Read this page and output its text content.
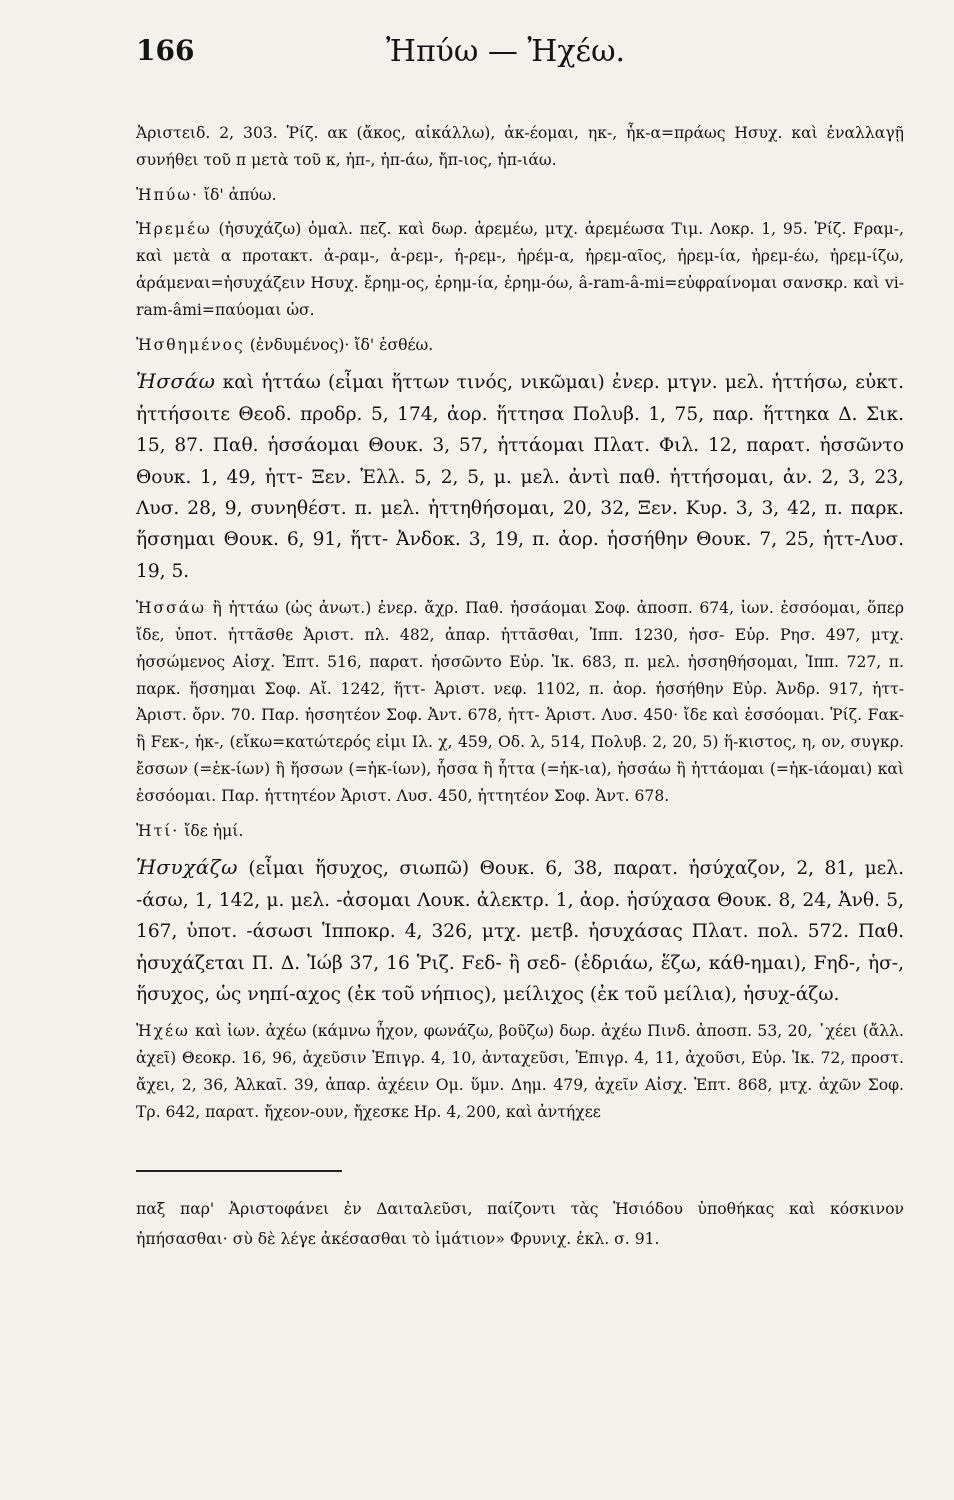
166	Ἠπύω — Ἠχέω.

Ἀριστειδ. 2, 303. Ῥίζ. ακ (ἄκος, αἰκάλλω), ἀκ-έομαι, ηκ-, ἧκ-α=πράως Ησυχ. καὶ ἐναλλαγῇ συνήθει τοῦ π μετὰ τοῦ κ, ἠπ-, ἠπ-άω, ἤπ-ιος, ἠπ-ιάω.

Ἠπύω· ἴδ' ἀπύω.

Ἠρεμέω (ἡσυχάζω) ὁμαλ. πεζ. καὶ δωρ. ἀρεμέω, μτχ. ἀρεμέωσα Τιμ. Λοκρ. 1, 95. Ῥίζ. Fραμ-, καὶ μετὰ α προτακτ. ἀ-ραμ-, ἀ-ρεμ-, ἠ-ρεμ-, ἠρέμ-α, ἠρεμ-αῖος, ἠρεμ-ία, ἠρεμ-έω, ἠρεμ-ίζω, ἀράμεναι=ἡσυχάζειν Ησυχ. ἔρημ-ος, ἐρημ-ία, ἐρημ-όω, â-ram-â-mi=εὐφραίνομαι σανσκρ. καὶ vi-ram-âmi=παύομαι ὡσ.

Ἠσθημένος (ἐνδυμένος)· ἴδ' ἐσθέω.

Ἡσσάω καὶ ἡττάω (εἶμαι ἥττων τινός, νικῶμαι) ἐνερ. μτγν. μελ. ἡττήσω, εὐκτ. ἡττήσοιτε Θεοδ. προδρ. 5, 174, ἀορ. ἥττησα Πολυβ. 1, 75, παρ. ἥττηκα Δ. Σικ. 15, 87. Παθ. ἡσσάομαι Θουκ. 3, 57, ἡττάομαι Πλατ. Φιλ. 12, παρατ. ἡσσῶντο Θουκ. 1, 49, ἡττ- Ξεν. Ἑλλ. 5, 2, 5, μ. μελ. ἀντὶ παθ. ἡττήσομαι, ἀν. 2, 3, 23, Λυσ. 28, 9, συνηθέστ. π. μελ. ἡττηθήσομαι, 20, 32, Ξεν. Κυρ. 3, 3, 42, π. παρκ. ἥσσημαι Θουκ. 6, 91, ἥττ- Ἀνδοκ. 3, 19, π. ἀορ. ἡσσήθην Θουκ. 7, 25, ἡττ-Λυσ. 19, 5.

Ἡσσάω ἢ ἡττάω (ὡς ἀνωτ.) ἐνερ. ἄχρ. Παθ. ἡσσάομαι Σοφ. ἀποσπ. 674, ἰων. ἑσσόομαι, ὅπερ ἴδε, ὑποτ. ἡττᾶσθε Ἀριστ. πλ. 482, ἀπαρ. ἡττᾶσθαι, Ἱππ. 1230, ἡσσ- Εὐρ. Ρησ. 497, μτχ. ἡσσώμενος Αἰσχ. Ἑπτ. 516, παρατ. ἡσσῶντο Εὐρ. Ἱκ. 683, π. μελ. ἡσσηθήσομαι, Ἱππ. 727, π. παρκ. ἥσσημαι Σοφ. Αἴ. 1242, ἥττ- Ἀριστ. νεφ. 1102, π. ἀορ. ἡσσήθην Εὐρ. Ἀνδρ. 917, ἡττ- Ἀριστ. ὄρν. 70. Παρ. ἡσσητέον Σοφ. Ἀντ. 678, ἡττ- Ἀριστ. Λυσ. 450· ἴδε καὶ ἑσσόομαι. Ῥίζ. Fακ- ἢ Fεκ-, ἡκ-, (εἴκω=κατώτερός εἰμι Ιλ. χ, 459, Οδ. λ, 514, Πολυβ. 2, 20, 5) ἥ-κιστος, η, ον, συγκρ. ἔσσων (=ἑκ-ίων) ἢ ἥσσων (=ἡκ-ίων), ἧσσα ἢ ἧττα (=ἡκ-ια), ἡσσάω ἢ ἡττάομαι (=ἡκ-ιάομαι) καὶ ἑσσόομαι. Παρ. ἡττητέον Ἀριστ. Λυσ. 450, ἡττητέον Σοφ. Ἀντ. 678.

Ἠτί· ἴδε ἠμί.

Ἡσυχάζω (εἶμαι ἥσυχος, σιωπῶ) Θουκ. 6, 38, παρατ. ἡσύχαζον, 2, 81, μελ. -άσω, 1, 142, μ. μελ. -ἀσομαι Λουκ. ἀλεκτρ. 1, ἀορ. ἡσύχασα Θουκ. 8, 24, Ἀνθ. 5, 167, ὑποτ. -άσωσι Ἱπποκρ. 4, 326, μτχ. μετβ. ἡσυχάσας Πλατ. πολ. 572. Παθ. ἡσυχάζεται Π. Δ. Ἰώβ 37, 16 Ῥιζ. Fεδ- ἢ σεδ- (ἑδριάω, ἕζω, κάθ-ημαι), Fηδ-, ἡσ-, ἥσυχος, ὡς νηπί-αχος (ἐκ τοῦ νήπιος), μείλιχος (ἐκ τοῦ μείλια), ἡσυχ-άζω.

Ἠχέω καὶ ἰων. ἀχέω (κάμνω ἦχον, φωνάζω, βοῦζω) δωρ. ἀχέω Πινδ. ἀποσπ. 53, 20, ᾽χέει (ἄλλ. ἀχεῖ) Θεοκρ. 16, 96, ἀχεῦσιν Ἐπιγρ. 4, 10, ἀνταχεῦσι, Ἐπιγρ. 4, 11, ἀχοῦσι, Εὐρ. Ἱκ. 72, προστ. ἄχει, 2, 36, Ἀλκαῖ. 39, ἀπαρ. ἀχέειν Ομ. ὕμν. Δημ. 479, ἀχεῖν Αἰσχ. Ἑπτ. 868, μτχ. ἀχῶν Σοφ. Τρ. 642, παρατ. ἤχεον-ουν, ἤχεσκε Ηρ. 4, 200, καὶ ἀντήχεε

παξ παρ' Ἀριστοφάνει ἐν Δαιταλεῦσι, παίζοντι τὰς Ἡσιόδου ὑποθήκας καὶ κόσκινον ἠπήσασθαι· σὺ δὲ λέγε ἀκέσασθαι τὸ ἱμάτιον» Φρυνιχ. ἐκλ. σ. 91.
